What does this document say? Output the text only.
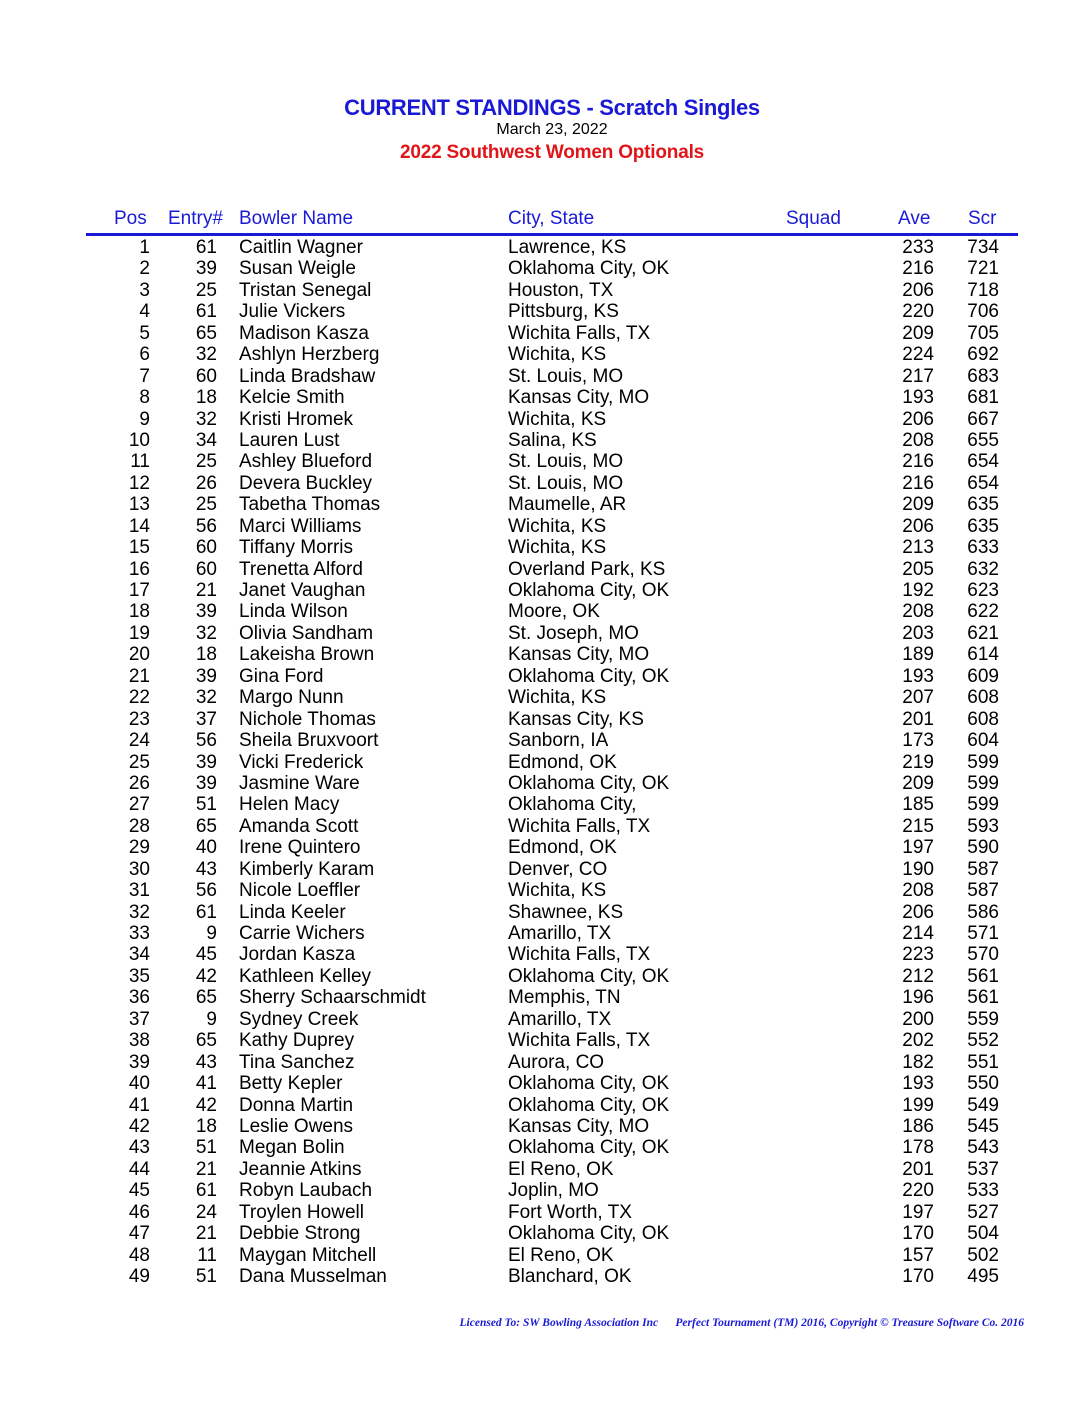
CURRENT STANDINGS - Scratch Singles
March 23, 2022
2022 Southwest Women Optionals
Pos Entry# Bowler Name	City, State	Squad	Ave Scr
1 61 Caitlin Wagner	Lawrence, KS	233 734
2 39 Susan Weigle	Oklahoma City, OK	216 721
3 25 Tristan Senegal	Houston, TX	206 718
4 61 Julie Vickers	Pittsburg, KS	220 706
5 65 Madison Kasza	Wichita Falls, TX	209 705
6 32 Ashlyn Herzberg	Wichita, KS	224 692
7 60 Linda Bradshaw	St. Louis, MO	217 683
8 18 Kelcie Smith	Kansas City, MO	193 681
9 32 Kristi Hromek	Wichita, KS	206 667
10 34 Lauren Lust	Salina, KS	208 655
11 25 Ashley Blueford	St. Louis, MO	216 654
12 26 Devera Buckley	St. Louis, MO	216 654
13 25 Tabetha Thomas	Maumelle, AR	209 635
14 56 Marci Williams	Wichita, KS	206 635
15 60 Tiffany Morris	Wichita, KS	213 633
16 60 Trenetta Alford	Overland Park, KS	205 632
17 21 Janet Vaughan	Oklahoma City, OK	192 623
18 39 Linda Wilson	Moore, OK	208 622
19 32 Olivia Sandham	St. Joseph, MO	203 621
20 18 Lakeisha Brown	Kansas City, MO	189 614
21 39 Gina Ford	Oklahoma City, OK	193 609
22 32 Margo Nunn	Wichita, KS	207 608
23 37 Nichole Thomas	Kansas City, KS	201 608
24 56 Sheila Bruxvoort	Sanborn, IA	173 604
25 39 Vicki Frederick	Edmond, OK	219 599
26 39 Jasmine Ware	Oklahoma City, OK	209 599
27 51 Helen Macy	Oklahoma City,	185 599
28 65 Amanda Scott	Wichita Falls, TX	215 593
29 40 Irene Quintero	Edmond, OK	197 590
30 43 Kimberly Karam	Denver, CO	190 587
31 56 Nicole Loeffler	Wichita, KS	208 587
32 61 Linda Keeler	Shawnee, KS	206 586
33	9 Carrie Wichers	Amarillo, TX	214 571
34 45 Jordan Kasza	Wichita Falls, TX	223 570
35 42 Kathleen Kelley	Oklahoma City, OK	212 561
36 65 Sherry Schaarschmidt	Memphis, TN	196 561
37	9 Sydney Creek	Amarillo, TX	200 559
38 65 Kathy Duprey	Wichita Falls, TX	202 552
39 43 Tina Sanchez	Aurora, CO	182 551
40 41 Betty Kepler	Oklahoma City, OK	193 550
41 42 Donna Martin	Oklahoma City, OK	199 549
42 18 Leslie Owens	Kansas City, MO	186 545
43 51 Megan Bolin	Oklahoma City, OK	178 543
44 21 Jeannie Atkins	El Reno, OK	201 537
45 61 Robyn Laubach	Joplin, MO	220 533
46 24 Troylen Howell	Fort Worth, TX	197 527
47 21 Debbie Strong	Oklahoma City, OK	170 504
48 11 Maygan Mitchell	El Reno, OK	157 502
49 51 Dana Musselman	Blanchard, OK	170 495
Licensed To: SW Bowling Association Inc Perfect Tournament (TM) 2016, Copyright © Treasure Software Co. 2016
